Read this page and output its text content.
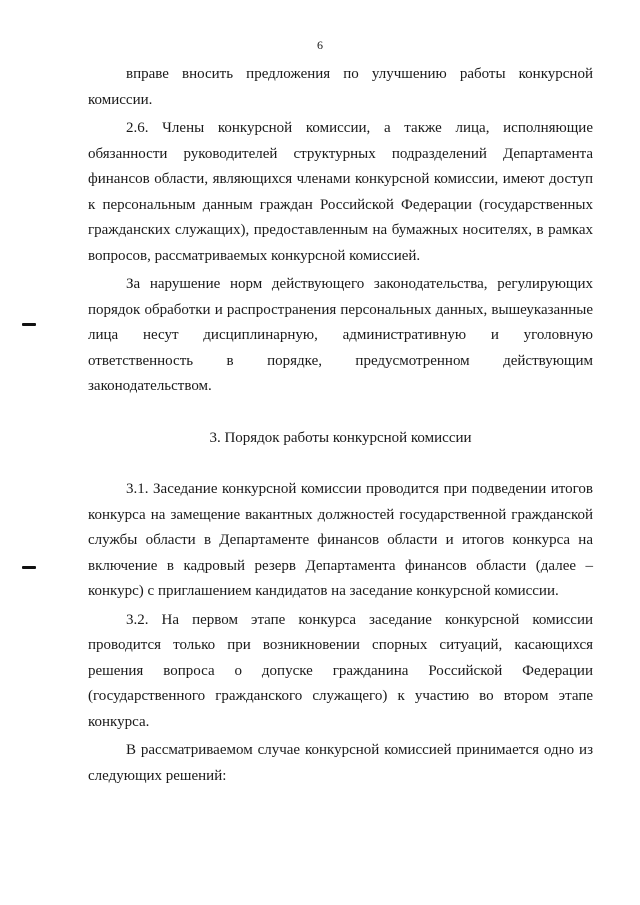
6

вправе вносить предложения по улучшению работы конкурсной комиссии.

2.6. Члены конкурсной комиссии, а также лица, исполняющие обязанности руководителей структурных подразделений Департамента финансов области, являющихся членами конкурсной комиссии, имеют доступ к персональным данным граждан Российской Федерации (государственных гражданских служащих), предоставленным на бумажных носителях, в рамках вопросов, рассматриваемых конкурсной комиссией.

За нарушение норм действующего законодательства, регулирующих порядок обработки и распространения персональных данных, вышеуказанные лица несут дисциплинарную, административную и уголовную ответственность в порядке, предусмотренном действующим законодательством.

3. Порядок работы конкурсной комиссии

3.1. Заседание конкурсной комиссии проводится при подведении итогов конкурса на замещение вакантных должностей государственной гражданской службы области в Департаменте финансов области и итогов конкурса на включение в кадровый резерв Департамента финансов области (далее – конкурс) с приглашением кандидатов на заседание конкурсной комиссии.

3.2. На первом этапе конкурса заседание конкурсной комиссии проводится только при возникновении спорных ситуаций, касающихся решения вопроса о допуске гражданина Российской Федерации (государственного гражданского служащего) к участию во втором этапе конкурса.

В рассматриваемом случае конкурсной комиссией принимается одно из следующих решений:
